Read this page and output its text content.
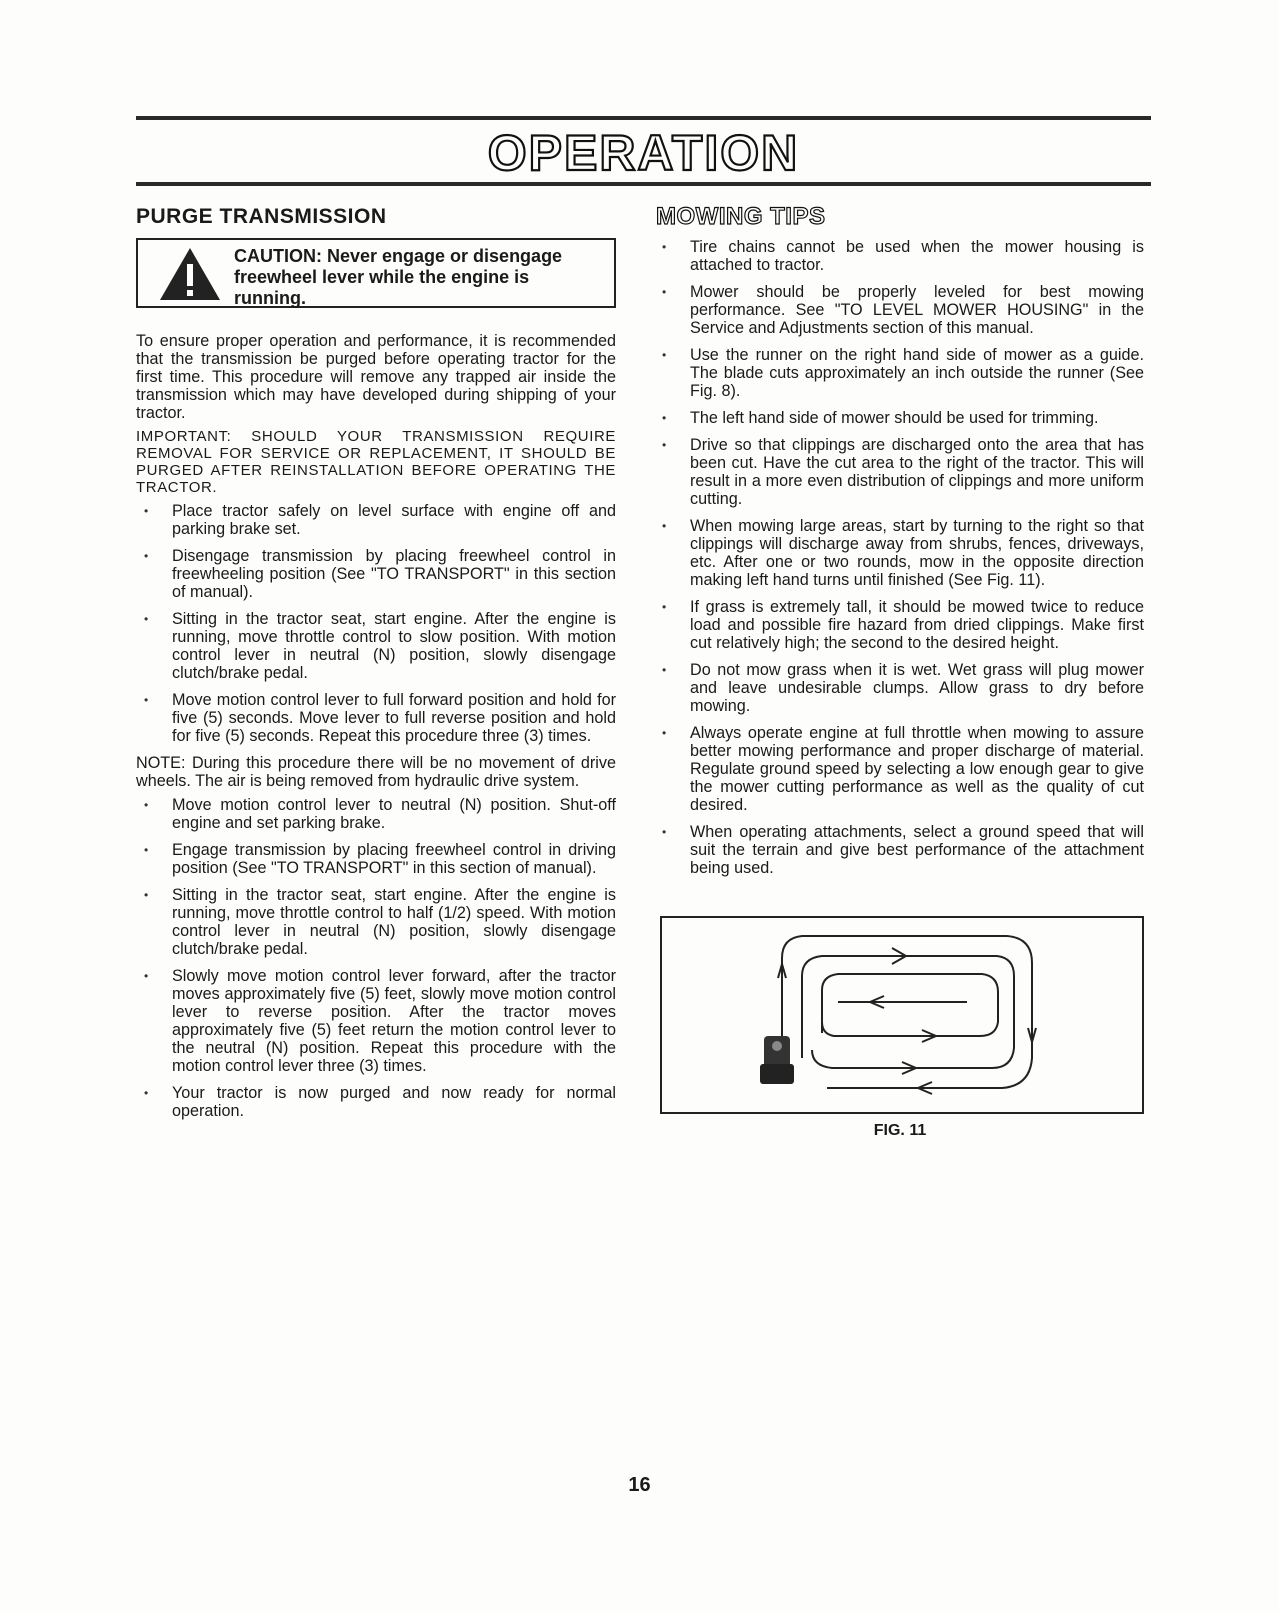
OPERATION
PURGE TRANSMISSION
CAUTION: Never engage or disengage freewheel lever while the engine is running.

To ensure proper operation and performance, it is recommended that the transmission be purged before operating tractor for the first time. This procedure will remove any trapped air inside the transmission which may have developed during shipping of your tractor.

IMPORTANT: SHOULD YOUR TRANSMISSION REQUIRE REMOVAL FOR SERVICE OR REPLACEMENT, IT SHOULD BE PURGED AFTER REINSTALLATION BEFORE OPERATING THE TRACTOR.

• Place tractor safely on level surface with engine off and parking brake set.
• Disengage transmission by placing freewheel control in freewheeling position (See "TO TRANSPORT" in this section of manual).
• Sitting in the tractor seat, start engine. After the engine is running, move throttle control to slow position. With motion control lever in neutral (N) position, slowly disengage clutch/brake pedal.
• Move motion control lever to full forward position and hold for five (5) seconds. Move lever to full reverse position and hold for five (5) seconds. Repeat this procedure three (3) times.

NOTE: During this procedure there will be no movement of drive wheels. The air is being removed from hydraulic drive system.

• Move motion control lever to neutral (N) position. Shut-off engine and set parking brake.
• Engage transmission by placing freewheel control in driving position (See "TO TRANSPORT" in this section of manual).
• Sitting in the tractor seat, start engine. After the engine is running, move throttle control to half (1/2) speed. With motion control lever in neutral (N) position, slowly disengage clutch/brake pedal.
• Slowly move motion control lever forward, after the tractor moves approximately five (5) feet, slowly move motion control lever to reverse position. After the tractor moves approximately five (5) feet return the motion control lever to the neutral (N) position. Repeat this procedure with the motion control lever three (3) times.
• Your tractor is now purged and now ready for normal operation.
MOWING TIPS
• Tire chains cannot be used when the mower housing is attached to tractor.
• Mower should be properly leveled for best mowing performance. See "TO LEVEL MOWER HOUSING" in the Service and Adjustments section of this manual.
• Use the runner on the right hand side of mower as a guide. The blade cuts approximately an inch outside the runner (See Fig. 8).
• The left hand side of mower should be used for trimming.
• Drive so that clippings are discharged onto the area that has been cut. Have the cut area to the right of the tractor. This will result in a more even distribution of clippings and more uniform cutting.
• When mowing large areas, start by turning to the right so that clippings will discharge away from shrubs, fences, driveways, etc. After one or two rounds, mow in the opposite direction making left hand turns until finished (See Fig. 11).
• If grass is extremely tall, it should be mowed twice to reduce load and possible fire hazard from dried clippings. Make first cut relatively high; the second to the desired height.
• Do not mow grass when it is wet. Wet grass will plug mower and leave undesirable clumps. Allow grass to dry before mowing.
• Always operate engine at full throttle when mowing to assure better mowing performance and proper discharge of material. Regulate ground speed by selecting a low enough gear to give the mower cutting performance as well as the quality of cut desired.
• When operating attachments, select a ground speed that will suit the terrain and give best performance of the attachment being used.
FIG. 11
16
